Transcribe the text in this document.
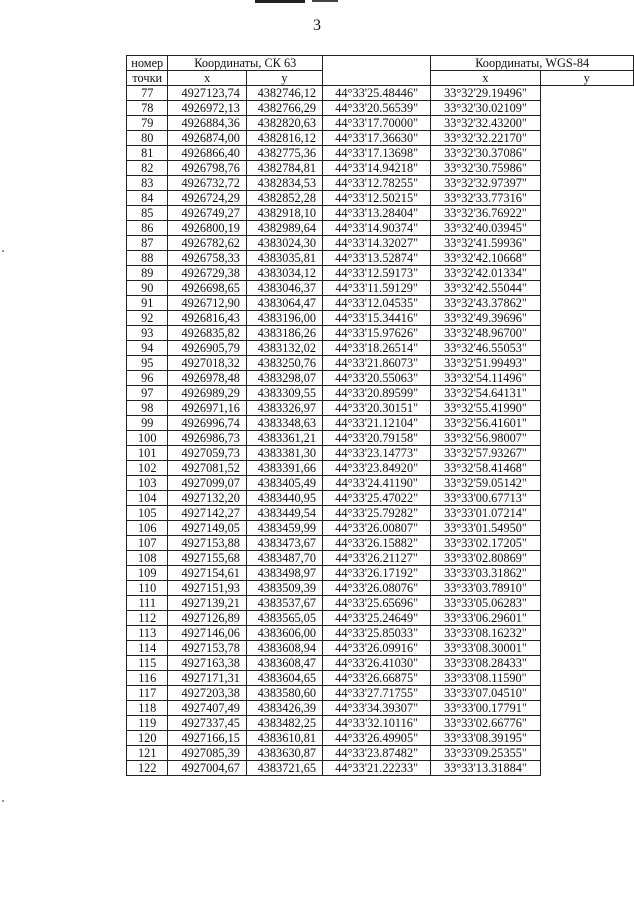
3
номер	Координаты, СК 63			Координаты, WGS-84	
точки	x	y		x	y
77	4927123,74	4382746,12	44°33'25.48446"	33°32'29.19496"	
78	4926972,13	4382766,29	44°33'20.56539"	33°32'30.02109"	
79	4926884,36	4382820,63	44°33'17.70000"	33°32'32.43200"	
80	4926874,00	4382816,12	44°33'17.36630"	33°32'32.22170"	
81	4926866,40	4382775,36	44°33'17.13698"	33°32'30.37086"	
82	4926798,76	4382784,81	44°33'14.94218"	33°32'30.75986"	
83	4926732,72	4382834,53	44°33'12.78255"	33°32'32.97397"	
84	4926724,29	4382852,28	44°33'12.50215"	33°32'33.77316"	
85	4926749,27	4382918,10	44°33'13.28404"	33°32'36.76922"	
86	4926800,19	4382989,64	44°33'14.90374"	33°32'40.03945"	
87	4926782,62	4383024,30	44°33'14.32027"	33°32'41.59936"	
88	4926758,33	4383035,81	44°33'13.52874"	33°32'42.10668"	
89	4926729,38	4383034,12	44°33'12.59173"	33°32'42.01334"	
90	4926698,65	4383046,37	44°33'11.59129"	33°32'42.55044"	
91	4926712,90	4383064,47	44°33'12.04535"	33°32'43.37862"	
92	4926816,43	4383196,00	44°33'15.34416"	33°32'49.39696"	
93	4926835,82	4383186,26	44°33'15.97626"	33°32'48.96700"	
94	4926905,79	4383132,02	44°33'18.26514"	33°32'46.55053"	
95	4927018,32	4383250,76	44°33'21.86073"	33°32'51.99493"	
96	4926978,48	4383298,07	44°33'20.55063"	33°32'54.11496"	
97	4926989,29	4383309,55	44°33'20.89599"	33°32'54.64131"	
98	4926971,16	4383326,97	44°33'20.30151"	33°32'55.41990"	
99	4926996,74	4383348,63	44°33'21.12104"	33°32'56.41601"	
100	4926986,73	4383361,21	44°33'20.79158"	33°32'56.98007"	
101	4927059,73	4383381,30	44°33'23.14773"	33°32'57.93267"	
102	4927081,52	4383391,66	44°33'23.84920"	33°32'58.41468"	
103	4927099,07	4383405,49	44°33'24.41190"	33°32'59.05142"	
104	4927132,20	4383440,95	44°33'25.47022"	33°33'00.67713"	
105	4927142,27	4383449,54	44°33'25.79282"	33°33'01.07214"	
106	4927149,05	4383459,99	44°33'26.00807"	33°33'01.54950"	
107	4927153,88	4383473,67	44°33'26.15882"	33°33'02.17205"	
108	4927155,68	4383487,70	44°33'26.21127"	33°33'02.80869"	
109	4927154,61	4383498,97	44°33'26.17192"	33°33'03.31862"	
110	4927151,93	4383509,39	44°33'26.08076"	33°33'03.78910"	
111	4927139,21	4383537,67	44°33'25.65696"	33°33'05.06283"	
112	4927126,89	4383565,05	44°33'25.24649"	33°33'06.29601"	
113	4927146,06	4383606,00	44°33'25.85033"	33°33'08.16232"	
114	4927153,78	4383608,94	44°33'26.09916"	33°33'08.30001"	
115	4927163,38	4383608,47	44°33'26.41030"	33°33'08.28433"	
116	4927171,31	4383604,65	44°33'26.66875"	33°33'08.11590"	
117	4927203,38	4383580,60	44°33'27.71755"	33°33'07.04510"	
118	4927407,49	4383426,39	44°33'34.39307"	33°33'00.17791"	
119	4927337,45	4383482,25	44°33'32.10116"	33°33'02.66776"	
120	4927166,15	4383610,81	44°33'26.49905"	33°33'08.39195"	
121	4927085,39	4383630,87	44°33'23.87482"	33°33'09.25355"	
122	4927004,67	4383721,65	44°33'21.22233"	33°33'13.31884"	
